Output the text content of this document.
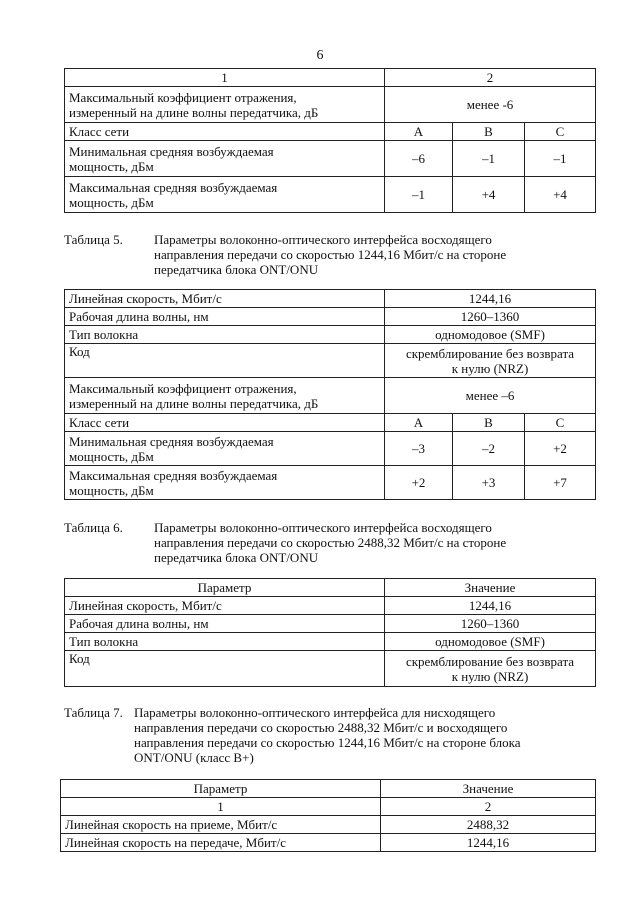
6
1	2		

Максимальный коэффициент отражения,
измеренный на длине волны передатчика, дБ	менее -6		
Класс сети	A	B	C

Минимальная средняя возбуждаемая
мощность, дБм	–6	–1	–1

Максимальная средняя возбуждаемая
мощность, дБм	–1	+4	+4
Таблица 5. Параметры волоконно-оптического интерфейса восходящего
направления передачи со скоростью 1244,16 Мбит/с на стороне
передатчика блока ONT/ONU
Линейная скорость, Мбит/с	1244,16		
Рабочая длина волны, нм	1260–1360		
Тип волокна	одномодовое (SMF)		
Код	скремблирование без возврата
к нулю (NRZ)		

Максимальный коэффициент отражения,
измеренный на длине волны передатчика, дБ	менее –6		
Класс сети	A	B	C

Минимальная средняя возбуждаемая
мощность, дБм	–3	–2	+2

Максимальная средняя возбуждаемая
мощность, дБм	+2	+3	+7
Таблица 6. Параметры волоконно-оптического интерфейса восходящего
направления передачи со скоростью 2488,32 Мбит/с на стороне
передатчика блока ONT/ONU
Параметр	Значение
Линейная скорость, Мбит/с	1244,16
Рабочая длина волны, нм	1260–1360
Тип волокна	одномодовое (SMF)
Код	скремблирование без возврата
к нулю (NRZ)
Таблица 7. Параметры волоконно-оптического интерфейса для нисходящего
направления передачи со скоростью 2488,32 Мбит/с и восходящего
направления передачи со скоростью 1244,16 Мбит/с на стороне блока
ONT/ONU (класс B+)
Параметр	Значение
1	2
Линейная скорость на приеме, Мбит/с	2488,32
Линейная скорость на передаче, Мбит/с	1244,16
